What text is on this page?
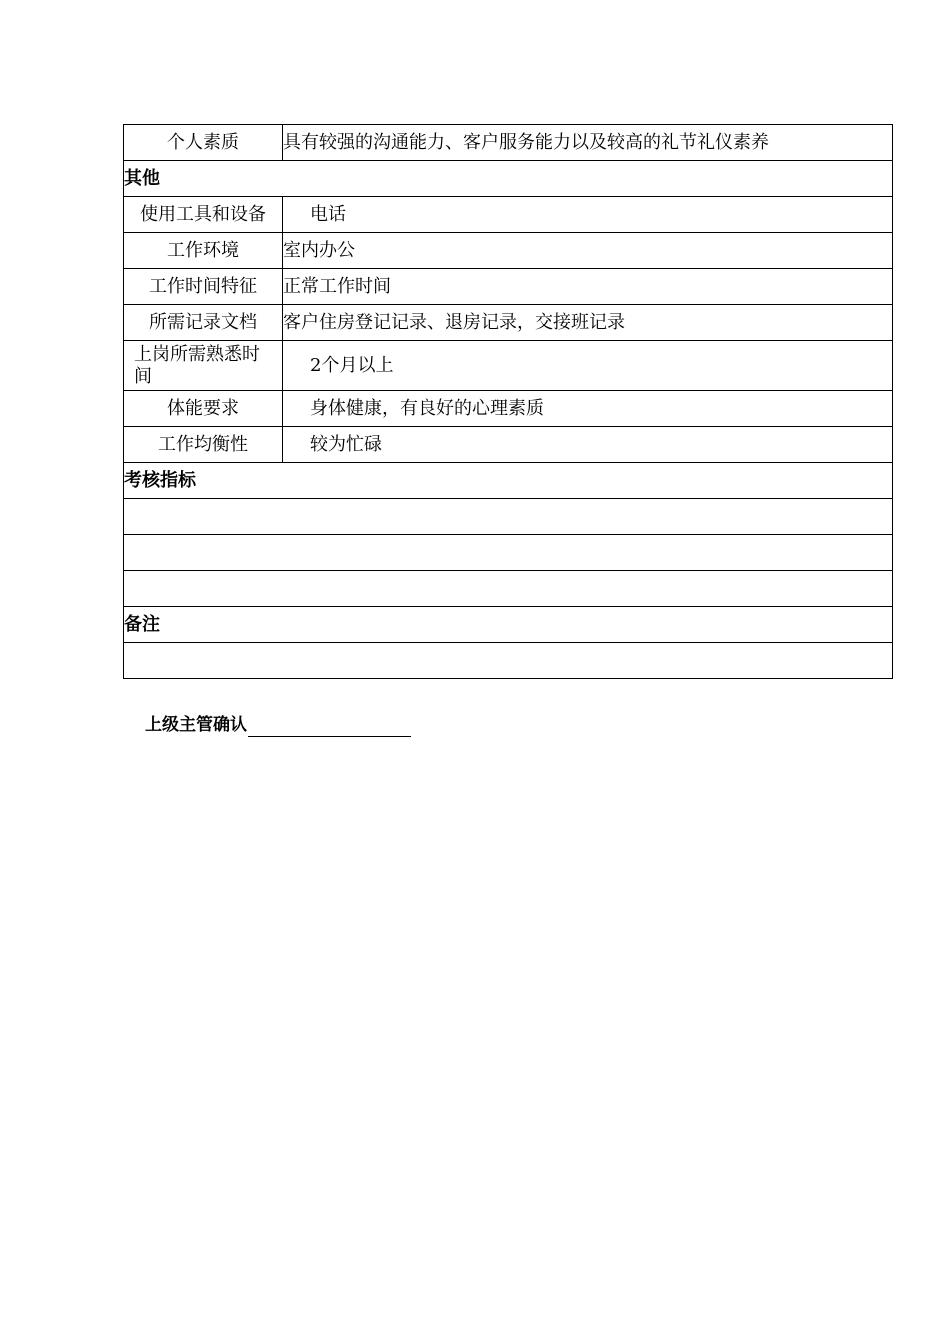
个人素质	具有较强的沟通能力、客户服务能力以及较高的礼节礼仪素养
其他	
使用工具和设备	电话
工作环境	室内办公
工作时间特征	正常工作时间
所需记录文档	客户住房登记记录、退房记录，交接班记录
上岗所需熟悉时间	2个月以上
体能要求	身体健康，有良好的心理素质
工作均衡性	较为忙碌
考核指标	

备注	

上级主管确认
